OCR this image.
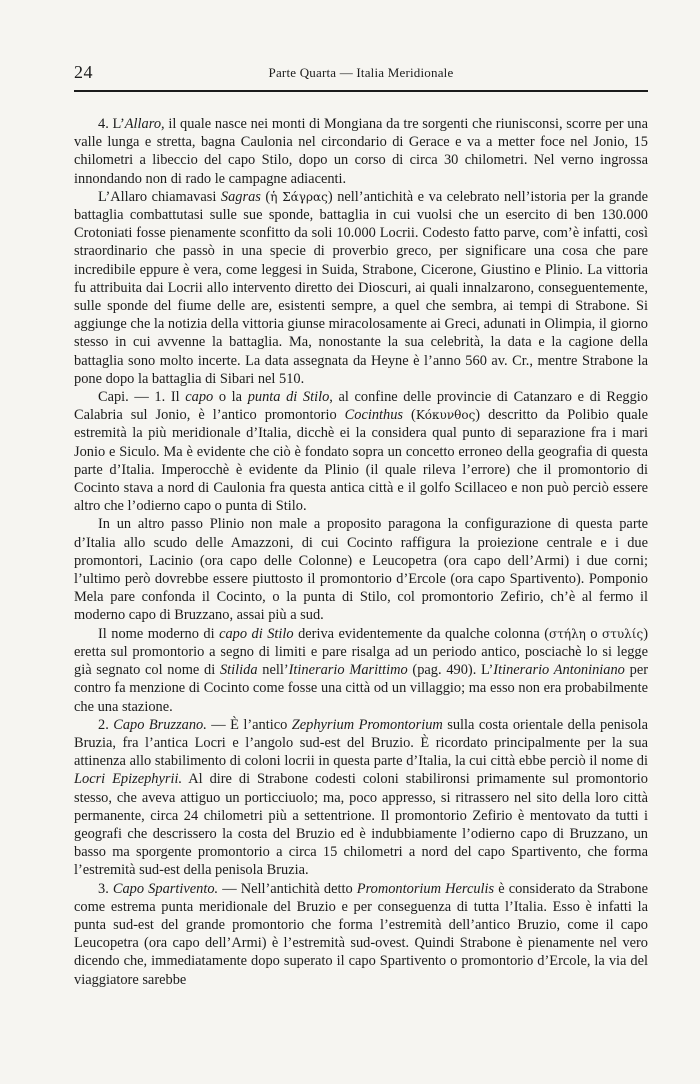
24	Parte Quarta — Italia Meridionale

4. L’Allaro, il quale nasce nei monti di Mongiana da tre sorgenti che riunisconsi, scorre per una valle lunga e stretta, bagna Caulonia nel circondario di Gerace e va a metter foce nel Jonio, 15 chilometri a libeccio del capo Stilo, dopo un corso di circa 30 chilometri. Nel verno ingrossa innondando non di rado le campagne adiacenti.

L’Allaro chiamavasi Sagras (ἡ Σάγρας) nell’antichità e va celebrato nell’istoria per la grande battaglia combattutasi sulle sue sponde, battaglia in cui vuolsi che un esercito di ben 130.000 Crotoniati fosse pienamente sconfitto da soli 10.000 Locrii. Codesto fatto parve, com’è infatti, così straordinario che passò in una specie di proverbio greco, per significare una cosa che pare incredibile eppure è vera, come leggesi in Suida, Strabone, Cicerone, Giustino e Plinio. La vittoria fu attribuita dai Locrii allo intervento diretto dei Dioscuri, ai quali innalzarono, conseguentemente, sulle sponde del fiume delle are, esistenti sempre, a quel che sembra, ai tempi di Strabone. Si aggiunge che la notizia della vittoria giunse miracolosamente ai Greci, adunati in Olimpia, il giorno stesso in cui avvenne la battaglia. Ma, nonostante la sua celebrità, la data e la cagione della battaglia sono molto incerte. La data assegnata da Heyne è l’anno 560 av. Cr., mentre Strabone la pone dopo la battaglia di Sibari nel 510.

Capi. — 1. Il capo o la punta di Stilo, al confine delle provincie di Catanzaro e di Reggio Calabria sul Jonio, è l’antico promontorio Cocinthus (Κόκυνθος) descritto da Polibio quale estremità la più meridionale d’Italia, dicchè ei la considera qual punto di separazione fra i mari Jonio e Siculo. Ma è evidente che ciò è fondato sopra un concetto erroneo della geografia di questa parte d’Italia. Imperocchè è evidente da Plinio (il quale rileva l’errore) che il promontorio di Cocinto stava a nord di Caulonia fra questa antica città e il golfo Scillaceo e non può perciò essere altro che l’odierno capo o punta di Stilo.

In un altro passo Plinio non male a proposito paragona la configurazione di questa parte d’Italia allo scudo delle Amazzoni, di cui Cocinto raffigura la proiezione centrale e i due promontori, Lacinio (ora capo delle Colonne) e Leucopetra (ora capo dell’Armi) i due corni; l’ultimo però dovrebbe essere piuttosto il promontorio d’Ercole (ora capo Spartivento). Pomponio Mela pare confonda il Cocinto, o la punta di Stilo, col promontorio Zefirio, ch’è al fermo il moderno capo di Bruzzano, assai più a sud.

Il nome moderno di capo di Stilo deriva evidentemente da qualche colonna (στήλη o στυλίς) eretta sul promontorio a segno di limiti e pare risalga ad un periodo antico, posciachè lo si legge già segnato col nome di Stilida nell’Itinerario Marittimo (pag. 490). L’Itinerario Antoniniano per contro fa menzione di Cocinto come fosse una città od un villaggio; ma esso non era probabilmente che una stazione.

2. Capo Bruzzano. — È l’antico Zephyrium Promontorium sulla costa orientale della penisola Bruzia, fra l’antica Locri e l’angolo sud-est del Bruzio. È ricordato principalmente per la sua attinenza allo stabilimento di coloni locrii in questa parte d’Italia, la cui città ebbe perciò il nome di Locri Epizephyrii. Al dire di Strabone codesti coloni stabilironsi primamente sul promontorio stesso, che aveva attiguo un porticciuolo; ma, poco appresso, si ritrassero nel sito della loro città permanente, circa 24 chilometri più a settentrione. Il promontorio Zefirio è mentovato da tutti i geografi che descrissero la costa del Bruzio ed è indubbiamente l’odierno capo di Bruzzano, un basso ma sporgente promontorio a circa 15 chilometri a nord del capo Spartivento, che forma l’estremità sud-est della penisola Bruzia.

3. Capo Spartivento. — Nell’antichità detto Promontorium Herculis è considerato da Strabone come estrema punta meridionale del Bruzio e per conseguenza di tutta l’Italia. Esso è infatti la punta sud-est del grande promontorio che forma l’estremità dell’antico Bruzio, come il capo Leucopetra (ora capo dell’Armi) è l’estremità sud-ovest. Quindi Strabone è pienamente nel vero dicendo che, immediatamente dopo superato il capo Spartivento o promontorio d’Ercole, la via del viaggiatore sarebbe
